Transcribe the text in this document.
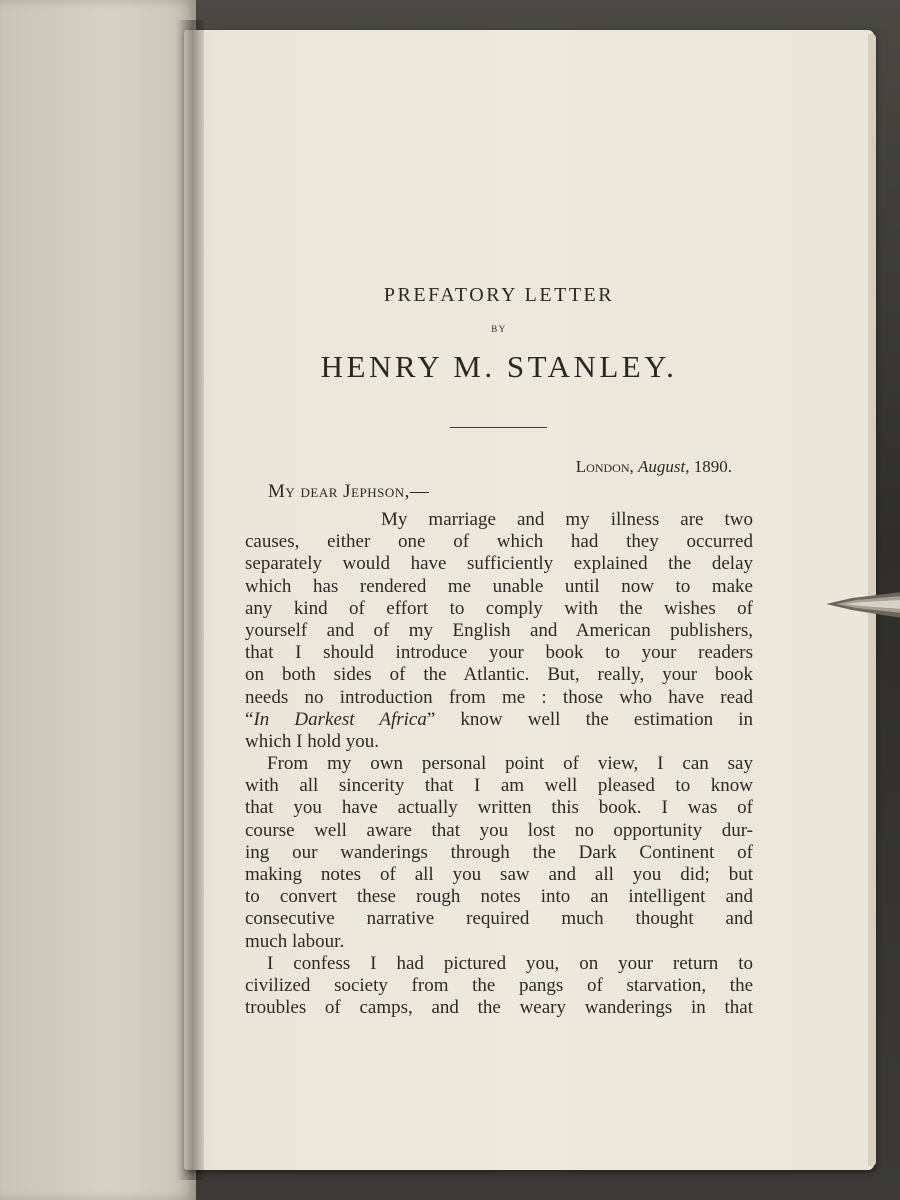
PREFATORY LETTER

BY

HENRY M. STANLEY.

London, August, 1890.
My dear Jephson,—
My marriage and my illness are two
causes, either one of which had they occurred
separately would have sufficiently explained the delay
which has rendered me unable until now to make
any kind of effort to comply with the wishes of
yourself and of my English and American publishers,
that I should introduce your book to your readers
on both sides of the Atlantic. But, really, your book
needs no introduction from me : those who have read
“In Darkest Africa” know well the estimation in
which I hold you.
From my own personal point of view, I can say
with all sincerity that I am well pleased to know
that you have actually written this book. I was of
course well aware that you lost no opportunity dur-
ing our wanderings through the Dark Continent of
making notes of all you saw and all you did; but
to convert these rough notes into an intelligent and
consecutive narrative required much thought and
much labour.
I confess I had pictured you, on your return to
civilized society from the pangs of starvation, the
troubles of camps, and the weary wanderings in that
